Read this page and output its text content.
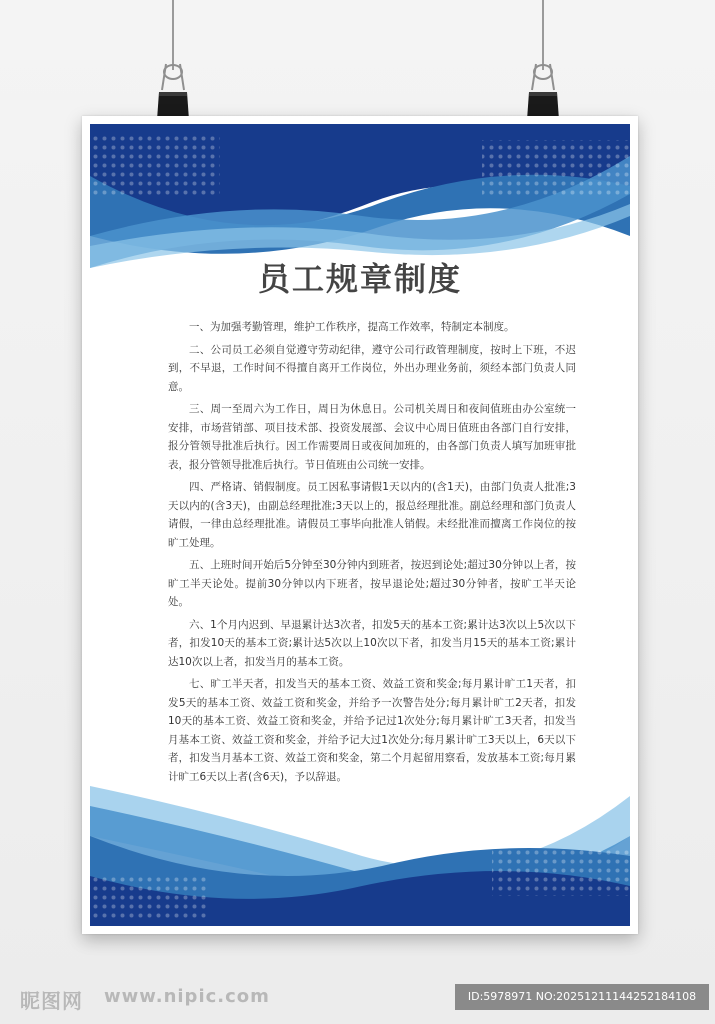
员工规章制度

一、为加强考勤管理，维护工作秩序，提高工作效率，特制定本制度。

二、公司员工必须自觉遵守劳动纪律，遵守公司行政管理制度，按时上下班，不迟到，不早退，工作时间不得擅自离开工作岗位，外出办理业务前，须经本部门负责人同意。

三、周一至周六为工作日，周日为休息日。公司机关周日和夜间值班由办公室统一安排，市场营销部、项目技术部、投资发展部、会议中心周日值班由各部门自行安排，报分管领导批准后执行。因工作需要周日或夜间加班的，由各部门负责人填写加班审批表，报分管领导批准后执行。节日值班由公司统一安排。

四、严格请、销假制度。员工因私事请假1天以内的(含1天)，由部门负责人批准;3天以内的(含3天)，由副总经理批准;3天以上的，报总经理批准。副总经理和部门负责人请假，一律由总经理批准。请假员工事毕向批准人销假。未经批准而擅离工作岗位的按旷工处理。

五、上班时间开始后5分钟至30分钟内到班者，按迟到论处;超过30分钟以上者，按旷工半天论处。提前30分钟以内下班者，按早退论处;超过30分钟者，按旷工半天论处。

六、1个月内迟到、早退累计达3次者，扣发5天的基本工资;累计达3次以上5次以下者，扣发10天的基本工资;累计达5次以上10次以下者，扣发当月15天的基本工资;累计达10次以上者，扣发当月的基本工资。

七、旷工半天者，扣发当天的基本工资、效益工资和奖金;每月累计旷工1天者，扣发5天的基本工资、效益工资和奖金，并给予一次警告处分;每月累计旷工2天者，扣发10天的基本工资、效益工资和奖金，并给予记过1次处分;每月累计旷工3天者，扣发当月基本工资、效益工资和奖金，并给予记大过1次处分;每月累计旷工3天以上，6天以下者，扣发当月基本工资、效益工资和奖金，第二个月起留用察看，发放基本工资;每月累计旷工6天以上者(含6天)，予以辞退。

昵图网 www.nipic.com	ID:5978971 NO:20251211144252184108
